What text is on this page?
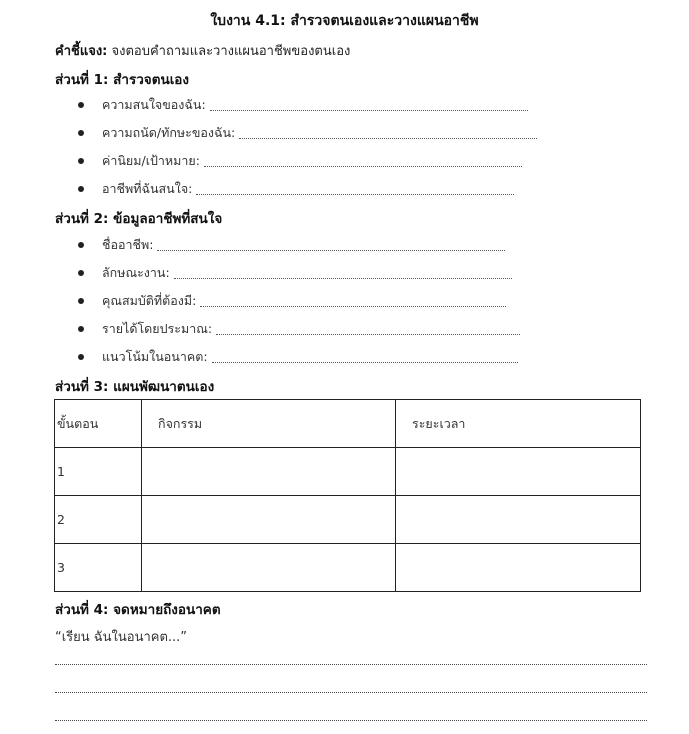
ใบงาน 4.1: สำรวจตนเองและวางแผนอาชีพ
คำชี้แจง: จงตอบคำถามและวางแผนอาชีพของตนเอง
ส่วนที่ 1: สำรวจตนเอง
ความสนใจของฉัน:
ความถนัด/ทักษะของฉัน:
ค่านิยม/เป้าหมาย:
อาชีพที่ฉันสนใจ:
ส่วนที่ 2: ข้อมูลอาชีพที่สนใจ
ชื่ออาชีพ:
ลักษณะงาน:
คุณสมบัติที่ต้องมี:
รายได้โดยประมาณ:
แนวโน้มในอนาคต:
ส่วนที่ 3: แผนพัฒนาตนเอง
ขั้นตอน	กิจกรรม	ระยะเวลา
1		
2		
3		
ส่วนที่ 4: จดหมายถึงอนาคต
“เรียน ฉันในอนาคต...”
